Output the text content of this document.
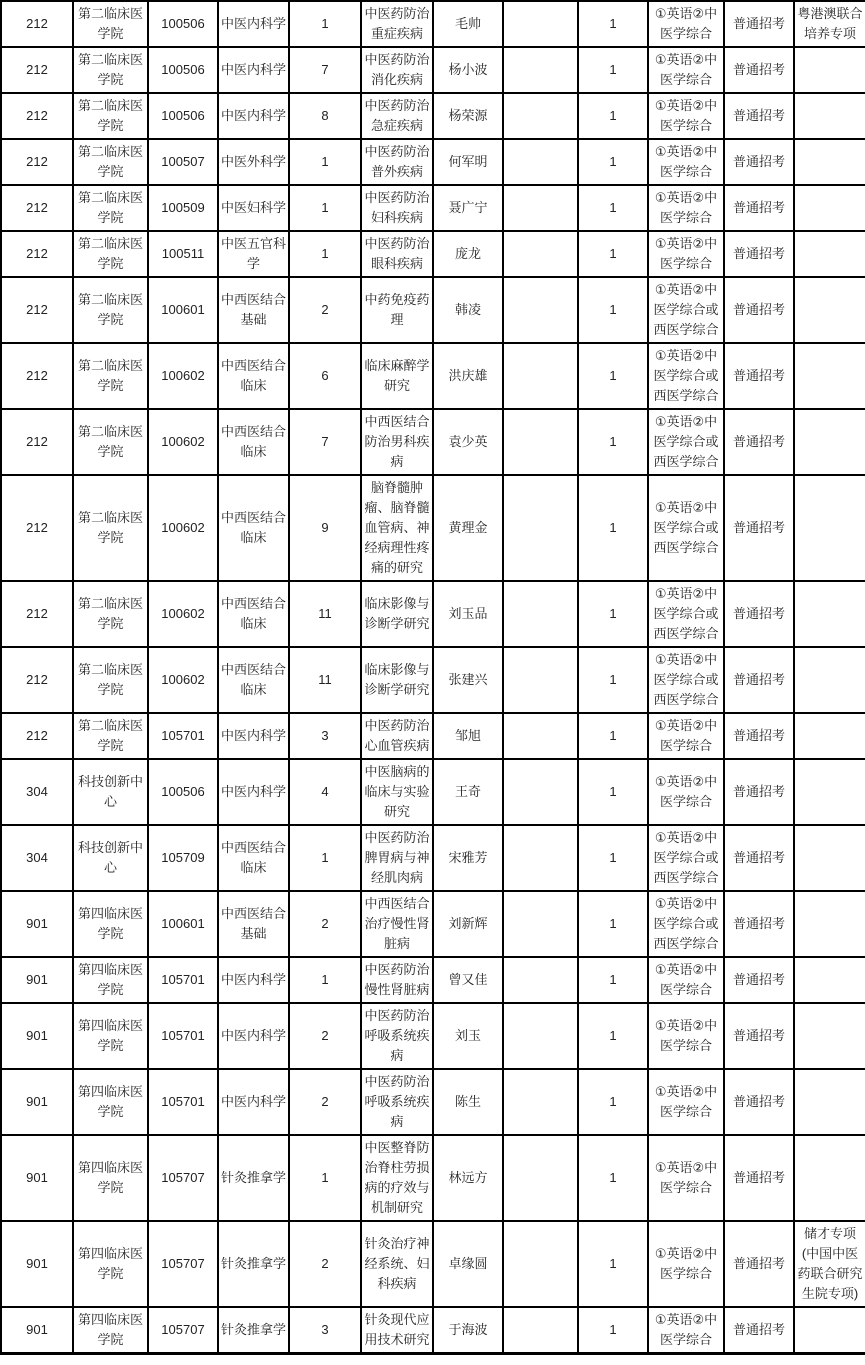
212	第二临床医学院	100506	中医内科学	1	中医药防治重症疾病	毛帅		1	①英语②中医学综合	普通招考	粤港澳联合培养专项
212	第二临床医学院	100506	中医内科学	7	中医药防治消化疾病	杨小波		1	①英语②中医学综合	普通招考	
212	第二临床医学院	100506	中医内科学	8	中医药防治急症疾病	杨荣源		1	①英语②中医学综合	普通招考	
212	第二临床医学院	100507	中医外科学	1	中医药防治普外疾病	何军明		1	①英语②中医学综合	普通招考	
212	第二临床医学院	100509	中医妇科学	1	中医药防治妇科疾病	聂广宁		1	①英语②中医学综合	普通招考	
212	第二临床医学院	100511	中医五官科学	1	中医药防治眼科疾病	庞龙		1	①英语②中医学综合	普通招考	
212	第二临床医学院	100601	中西医结合基础	2	中药免疫药理	韩凌		1	①英语②中医学综合或西医学综合	普通招考	
212	第二临床医学院	100602	中西医结合临床	6	临床麻醉学研究	洪庆雄		1	①英语②中医学综合或西医学综合	普通招考	
212	第二临床医学院	100602	中西医结合临床	7	中西医结合防治男科疾病	袁少英		1	①英语②中医学综合或西医学综合	普通招考	
212	第二临床医学院	100602	中西医结合临床	9	脑脊髓肿瘤、脑脊髓血管病、神经病理性疼痛的研究	黄理金		1	①英语②中医学综合或西医学综合	普通招考	
212	第二临床医学院	100602	中西医结合临床	11	临床影像与诊断学研究	刘玉品		1	①英语②中医学综合或西医学综合	普通招考	
212	第二临床医学院	100602	中西医结合临床	11	临床影像与诊断学研究	张建兴		1	①英语②中医学综合或西医学综合	普通招考	
212	第二临床医学院	105701	中医内科学	3	中医药防治心血管疾病	邹旭		1	①英语②中医学综合	普通招考	
304	科技创新中心	100506	中医内科学	4	中医脑病的临床与实验研究	王奇		1	①英语②中医学综合	普通招考	
304	科技创新中心	105709	中西医结合临床	1	中医药防治脾胃病与神经肌肉病	宋雅芳		1	①英语②中医学综合或西医学综合	普通招考	
901	第四临床医学院	100601	中西医结合基础	2	中西医结合治疗慢性肾脏病	刘新辉		1	①英语②中医学综合或西医学综合	普通招考	
901	第四临床医学院	105701	中医内科学	1	中医药防治慢性肾脏病	曾又佳		1	①英语②中医学综合	普通招考	
901	第四临床医学院	105701	中医内科学	2	中医药防治呼吸系统疾病	刘玉		1	①英语②中医学综合	普通招考	
901	第四临床医学院	105701	中医内科学	2	中医药防治呼吸系统疾病	陈生		1	①英语②中医学综合	普通招考	
901	第四临床医学院	105707	针灸推拿学	1	中医整脊防治脊柱劳损病的疗效与机制研究	林远方		1	①英语②中医学综合	普通招考	
901	第四临床医学院	105707	针灸推拿学	2	针灸治疗神经系统、妇科疾病	卓缘圆		1	①英语②中医学综合	普通招考	储才专项(中国中医药联合研究生院专项)
901	第四临床医学院	105707	针灸推拿学	3	针灸现代应用技术研究	于海波		1	①英语②中医学综合	普通招考	
